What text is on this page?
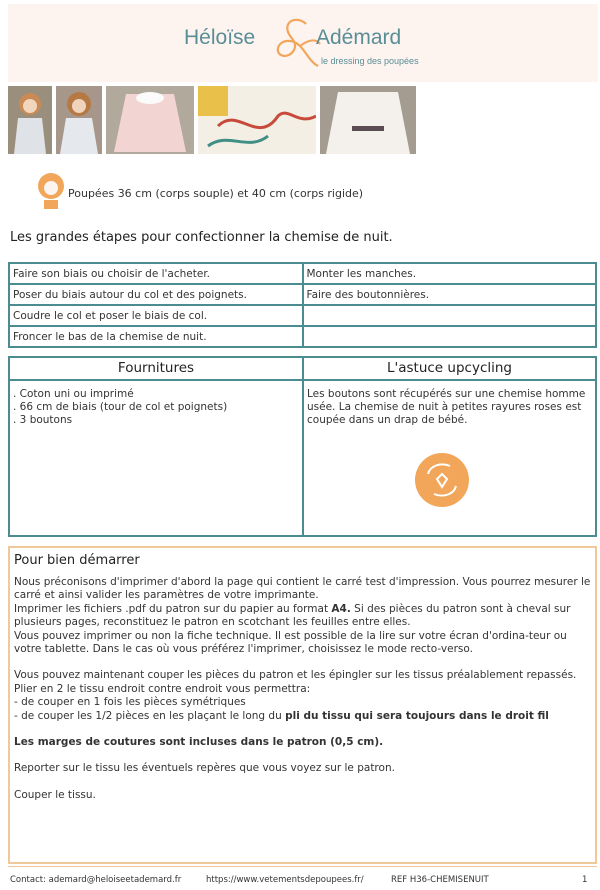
Héloïse	Adémard
le dressing des poupées
Poupées 36 cm (corps souple) et 40 cm (corps rigide)
Les grandes étapes pour confectionner la chemise de nuit.
Faire son biais ou choisir de l'acheter.	Monter les manches.
Poser du biais autour du col et des poignets.	Faire des boutonnières.
Coudre le col et poser le biais de col.	
Froncer le bas de la chemise de nuit.	
Fournitures

. Coton uni ou imprimé

. 66 cm de biais (tour de col et poignets)

. 3 boutons

L'astuce upcycling

Les boutons sont récupérés sur une chemise homme usée. La chemise de nuit à petites rayures roses est coupée dans un drap de bébé.

Pour bien démarrer

Nous préconisons d'imprimer d'abord la page qui contient le carré test d'impression. Vous pourrez mesurer le carré et ainsi valider les paramètres de votre imprimante.

Imprimer les fichiers .pdf du patron sur du papier au format A4. Si des pièces du patron sont à cheval sur plusieurs pages, reconstituez le patron en scotchant les feuilles entre elles.

Vous pouvez imprimer ou non la fiche technique. Il est possible de la lire sur votre écran d'ordina-teur ou votre tablette. Dans le cas où vous préférez l'imprimer, choisissez le mode recto-verso.

Vous pouvez maintenant couper les pièces du patron et les épingler sur les tissus préalablement repassés.

Plier en 2 le tissu endroit contre endroit vous permettra:

- de couper en 1 fois les pièces symétriques

- de couper les 1/2 pièces en les plaçant le long du pli du tissu qui sera toujours dans le droit fil

Les marges de coutures sont incluses dans le patron (0,5 cm).

Reporter sur le tissu les éventuels repères que vous voyez sur le patron.

Couper le tissu.

Contact: ademard@heloiseetademard.fr	https://www.vetementsdepoupees.fr/	REF H36-CHEMISENUIT	1
